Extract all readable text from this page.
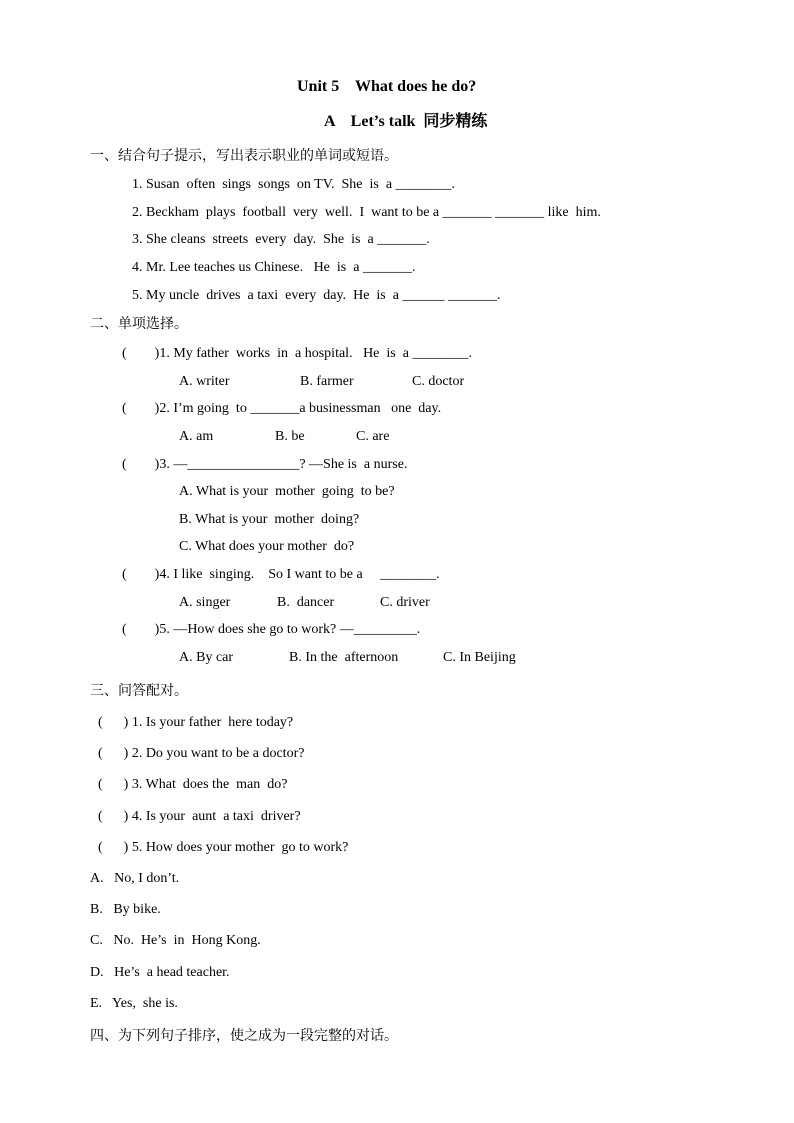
Unit 5    What does he do?
A    Let’s talk  同步精练
一、结合句子提示，写出表示职业的单词或短语。
1. Susan  often  sings  songs  on TV.  She  is  a ________.
2. Beckham  plays  football  very  well.  I  want to be a _______ _______ like  him.
3. She cleans  streets  every  day.  She  is  a _______.
4. Mr. Lee teaches us Chinese.   He  is  a _______.
5. My uncle  drives  a taxi  every  day.  He  is  a ______ _______.
二、单项选择。
(        )1. My father  works  in  a hospital.   He  is  a ________.
A. writer	B. farmer	C. doctor
(        )2. I’m going  to _______a businessman   one  day.
A. am	B. be	C. are
(        )3. —________________? —She is  a nurse.
A. What is your  mother  going  to be?
B. What is your  mother  doing?
C. What does your mother  do?
(        )4. I like  singing.    So I want to be a     ________.
A. singer	B.  dancer	C. driver
(        )5. —How does she go to work? —_________.
A. By car	B. In the  afternoon	C. In Beijing
三、问答配对。
(      ) 1. Is your father  here today?
(      ) 2. Do you want to be a doctor?
(      ) 3. What  does the  man  do?
(      ) 4. Is your  aunt  a taxi  driver?
(      ) 5. How does your mother  go to work?
A.   No, I don’t.
B.   By bike.
C.   No.  He’s  in  Hong Kong.
D.   He’s  a head teacher.
E.   Yes,  she is.
四、为下列句子排序，使之成为一段完整的对话。
